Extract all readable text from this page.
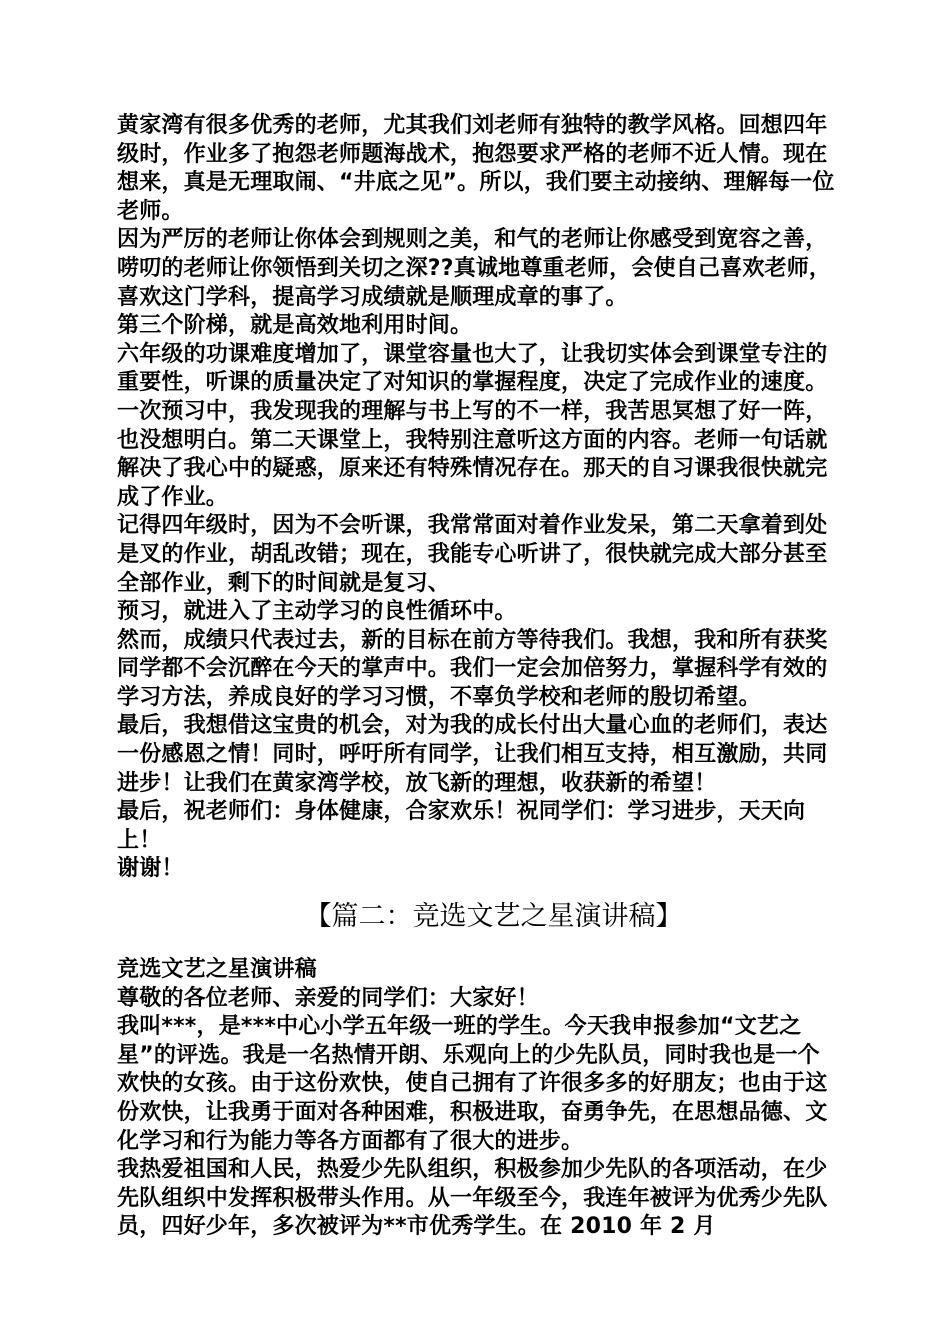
黄家湾有很多优秀的老师，尤其我们刘老师有独特的教学风格。回想四年级时，作业多了抱怨老师题海战术，抱怨要求严格的老师不近人情。现在想来，真是无理取闹、“井底之见”。所以，我们要主动接纳、理解每一位老师。

因为严厉的老师让你体会到规则之美，和气的老师让你感受到宽容之善，唠叨的老师让你领悟到关切之深??真诚地尊重老师，会使自己喜欢老师，喜欢这门学科，提高学习成绩就是顺理成章的事了。

第三个阶梯，就是高效地利用时间。

六年级的功课难度增加了，课堂容量也大了，让我切实体会到课堂专注的重要性，听课的质量决定了对知识的掌握程度，决定了完成作业的速度。一次预习中，我发现我的理解与书上写的不一样，我苦思冥想了好一阵，也没想明白。第二天课堂上，我特别注意听这方面的内容。老师一句话就解决了我心中的疑惑，原来还有特殊情况存在。那天的自习课我很快就完成了作业。

记得四年级时，因为不会听课，我常常面对着作业发呆，第二天拿着到处是叉的作业，胡乱改错；现在，我能专心听讲了，很快就完成大部分甚至全部作业，剩下的时间就是复习、

预习，就进入了主动学习的良性循环中。

然而，成绩只代表过去，新的目标在前方等待我们。我想，我和所有获奖同学都不会沉醉在今天的掌声中。我们一定会加倍努力，掌握科学有效的学习方法，养成良好的学习习惯，不辜负学校和老师的殷切希望。

最后，我想借这宝贵的机会，对为我的成长付出大量心血的老师们，表达一份感恩之情！同时，呼吁所有同学，让我们相互支持，相互激励，共同进步！让我们在黄家湾学校，放飞新的理想，收获新的希望！

最后，祝老师们：身体健康，合家欢乐！祝同学们：学习进步，天天向上！

谢谢！

【篇二：竞选文艺之星演讲稿】

竞选文艺之星演讲稿

尊敬的各位老师、亲爱的同学们：大家好！

我叫***，是***中心小学五年级一班的学生。今天我申报参加“文艺之星”的评选。我是一名热情开朗、乐观向上的少先队员，同时我也是一个欢快的女孩。由于这份欢快，使自己拥有了许很多多的好朋友；也由于这份欢快，让我勇于面对各种困难，积极进取，奋勇争先，在思想品德、文化学习和行为能力等各方面都有了很大的进步。

我热爱祖国和人民，热爱少先队组织，积极参加少先队的各项活动，在少先队组织中发挥积极带头作用。从一年级至今，我连年被评为优秀少先队员，四好少年，多次被评为**市优秀学生。在 2010 年 2 月
